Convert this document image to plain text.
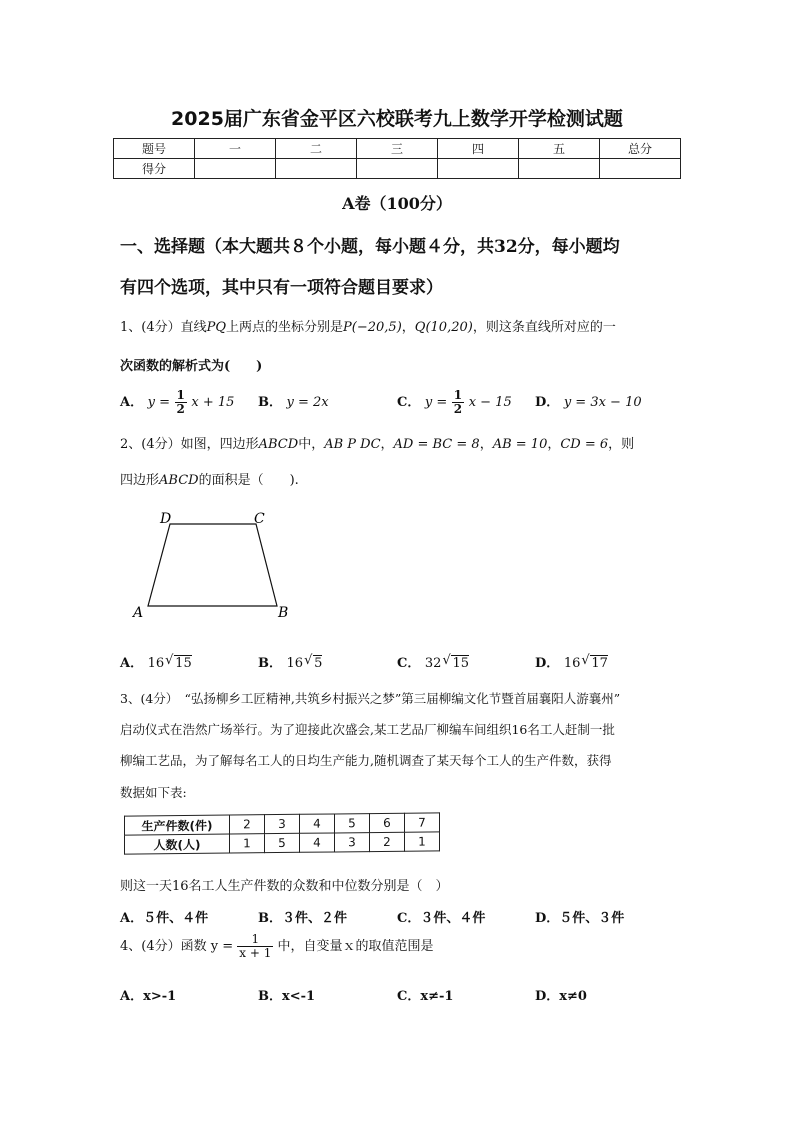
2025届广东省金平区六校联考九上数学开学检测试题
题号	一	二	三	四	五	总分
得分						
A卷（100分）
一、选择题（本大题共８个小题，每小题４分，共32分，每小题均
有四个选项，其中只有一项符合题目要求）
1、(4分）直线PQ上两点的坐标分别是P(−20,5)，Q(10,20)，则这条直线所对应的一
次函数的解析式为(　　)
A． $y = \frac{1}{2}$ x + 15 B． y = 2x	C． $y = \frac{1}{2}$ x − 15 D． y = 3x − 10
2、(4分）如图，四边形ABCD中，AB P DC，AD = BC = 8，AB = 10，CD = 6，则
四边形ABCD的面积是（　　).
A	B
C
D
A． 16 √ 15	B． 16 √ 5	C． 32 √ 15	D． 16 √ 17
3、(4分）　“弘扬柳乡工匠精神,共筑乡村振兴之梦”第三届柳编文化节暨首届襄阳人游襄州”
启动仪式在浩然广场举行。为了迎接此次盛会,某工艺品厂柳编车间组织16名工人赶制一批
柳编工艺品，为了解每名工人的日均生产能力,随机调查了某天每个工人的生产件数，获得
数据如下表:
生产件数(件)	2	3	4	5	6	7
人数(人)	1	5	4	3	2	1
则这一天16名工人生产件数的众数和中位数分别是（　）
A．５件、４件	B．３件、２件	C．３件、４件	D．５件、３件
4、(4分）函数 $y = \frac{1}{x + 1}$ 中，自变量ｘ的取值范围是
A．x>-1	B．x<-1	C．x≠-1	D．x≠0
